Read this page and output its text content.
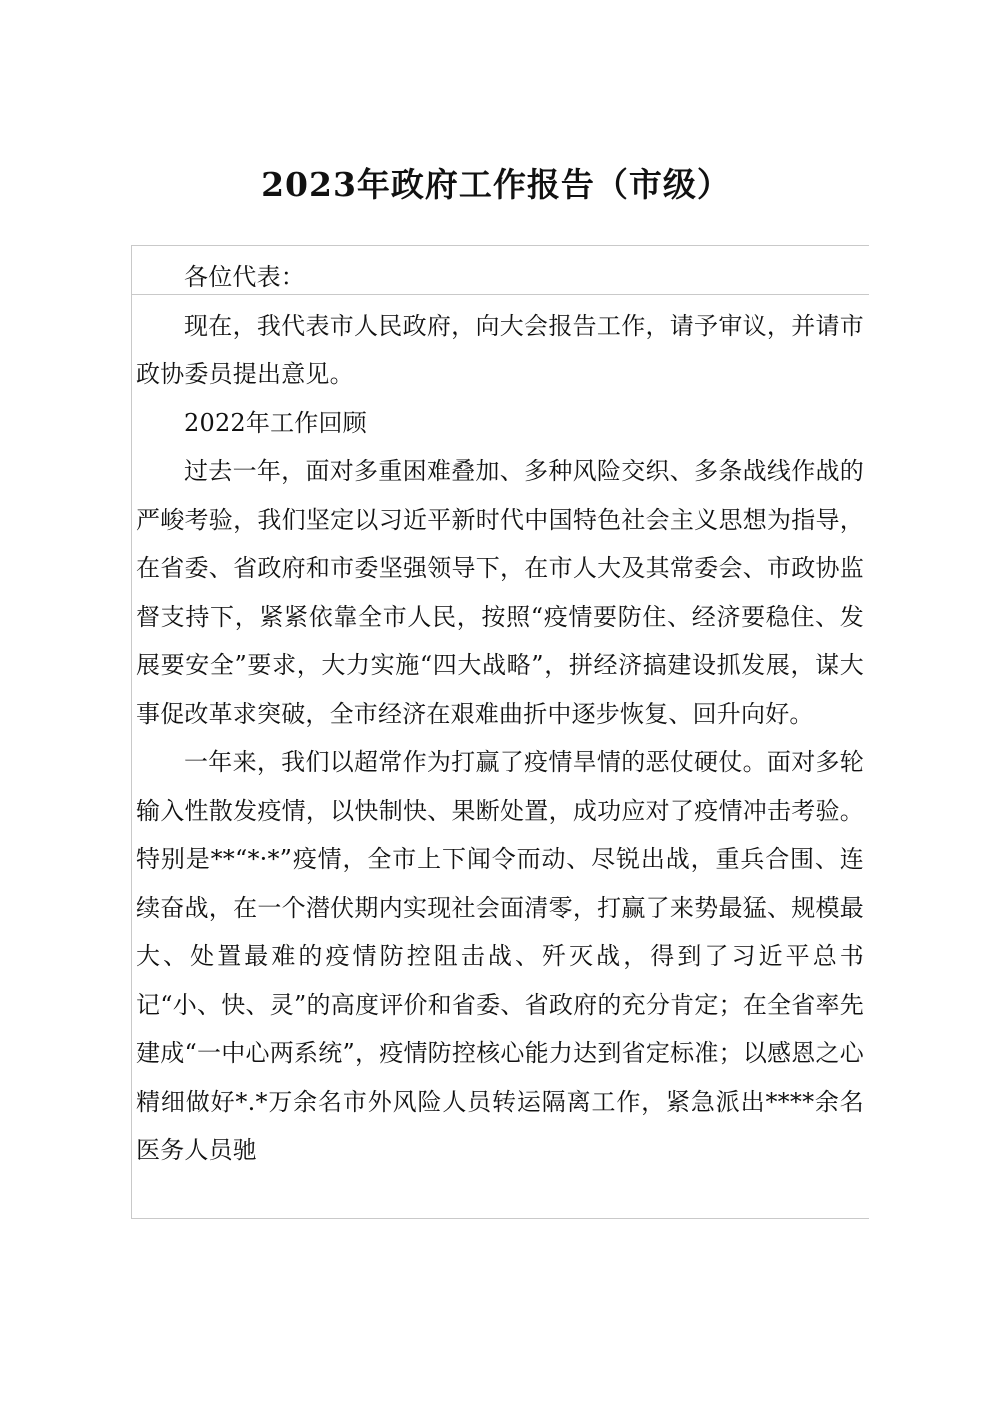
2023年政府工作报告（市级）

各位代表：

现在，我代表市人民政府，向大会报告工作，请予审议，并请市政协委员提出意见。

2022年工作回顾

过去一年，面对多重困难叠加、多种风险交织、多条战线作战的严峻考验，我们坚定以习近平新时代中国特色社会主义思想为指导，在省委、省政府和市委坚强领导下，在市人大及其常委会、市政协监督支持下，紧紧依靠全市人民，按照“疫情要防住、经济要稳住、发展要安全”要求，大力实施“四大战略”，拼经济搞建设抓发展，谋大事促改革求突破，全市经济在艰难曲折中逐步恢复、回升向好。

一年来，我们以超常作为打赢了疫情旱情的恶仗硬仗。面对多轮输入性散发疫情，以快制快、果断处置，成功应对了疫情冲击考验。特别是**“*·*”疫情，全市上下闻令而动、尽锐出战，重兵合围、连续奋战，在一个潜伏期内实现社会面清零，打赢了来势最猛、规模最大、处置最难的疫情防控阻击战、歼灭战，得到了习近平总书记“小、快、灵”的高度评价和省委、省政府的充分肯定；在全省率先建成“一中心两系统”，疫情防控核心能力达到省定标准；以感恩之心精细做好*.*万余名市外风险人员转运隔离工作，紧急派出****余名医务人员驰
